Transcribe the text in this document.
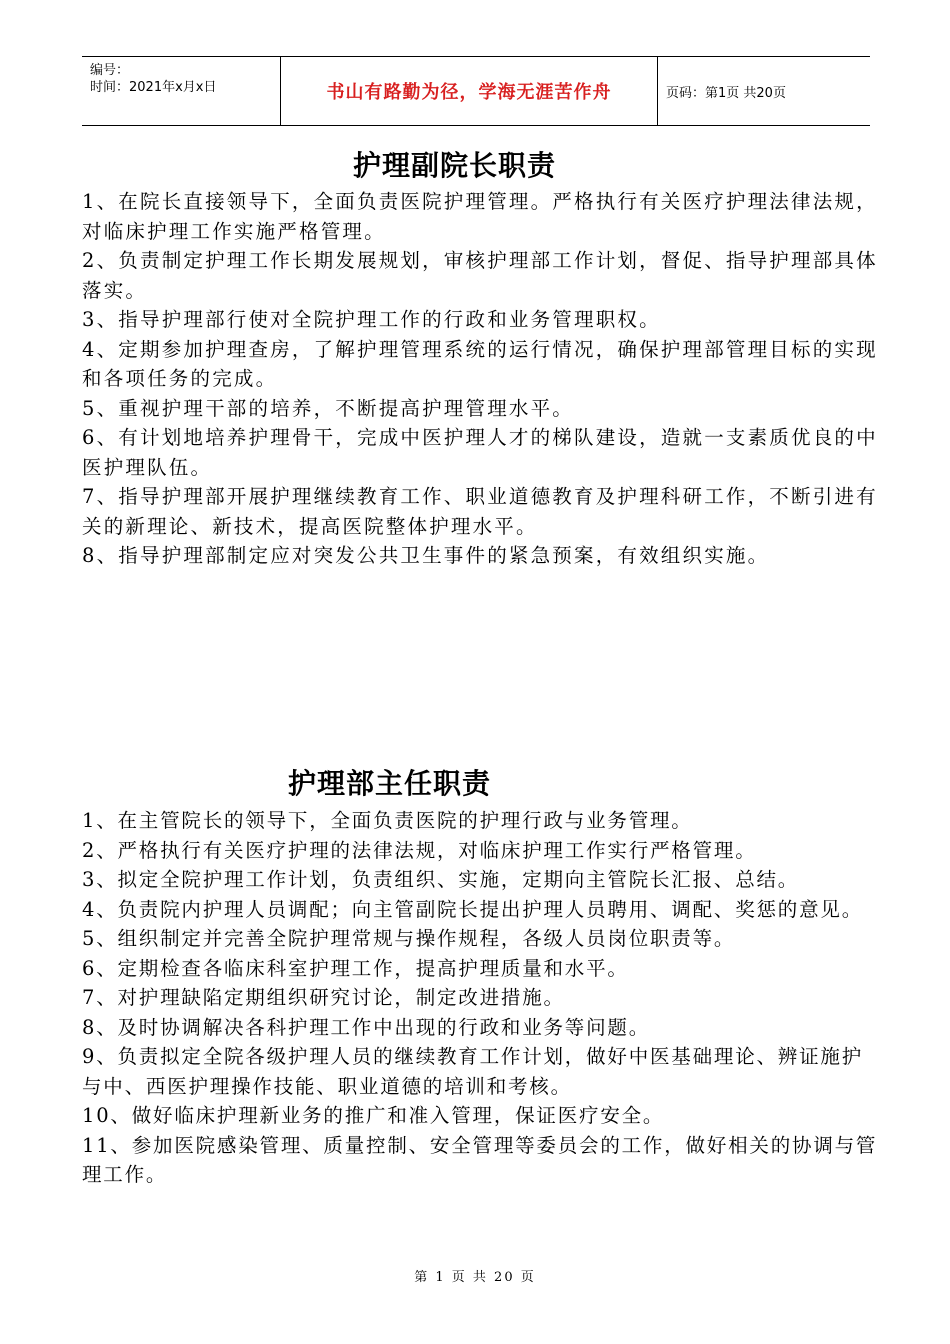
编号：
时间：2021年x月x日	书山有路勤为径，学海无涯苦作舟	页码：第1页 共20页
护理副院长职责
1、在院长直接领导下，全面负责医院护理管理。严格执行有关医疗护理法律法规，对临床护理工作实施严格管理。
2、负责制定护理工作长期发展规划，审核护理部工作计划，督促、指导护理部具体落实。
3、指导护理部行使对全院护理工作的行政和业务管理职权。
4、定期参加护理查房，了解护理管理系统的运行情况，确保护理部管理目标的实现和各项任务的完成。
5、重视护理干部的培养，不断提高护理管理水平。
6、有计划地培养护理骨干，完成中医护理人才的梯队建设，造就一支素质优良的中医护理队伍。
7、指导护理部开展护理继续教育工作、职业道德教育及护理科研工作，不断引进有关的新理论、新技术，提高医院整体护理水平。
8、指导护理部制定应对突发公共卫生事件的紧急预案，有效组织实施。
护理部主任职责
1、在主管院长的领导下，全面负责医院的护理行政与业务管理。
2、严格执行有关医疗护理的法律法规，对临床护理工作实行严格管理。
3、拟定全院护理工作计划，负责组织、实施，定期向主管院长汇报、总结。
4、负责院内护理人员调配；向主管副院长提出护理人员聘用、调配、奖惩的意见。
5、组织制定并完善全院护理常规与操作规程，各级人员岗位职责等。
6、定期检查各临床科室护理工作，提高护理质量和水平。
7、对护理缺陷定期组织研究讨论，制定改进措施。
8、及时协调解决各科护理工作中出现的行政和业务等问题。
9、负责拟定全院各级护理人员的继续教育工作计划，做好中医基础理论、辨证施护与中、西医护理操作技能、职业道德的培训和考核。
10、做好临床护理新业务的推广和准入管理，保证医疗安全。
11、参加医院感染管理、质量控制、安全管理等委员会的工作，做好相关的协调与管理工作。
第 1 页 共 20 页
